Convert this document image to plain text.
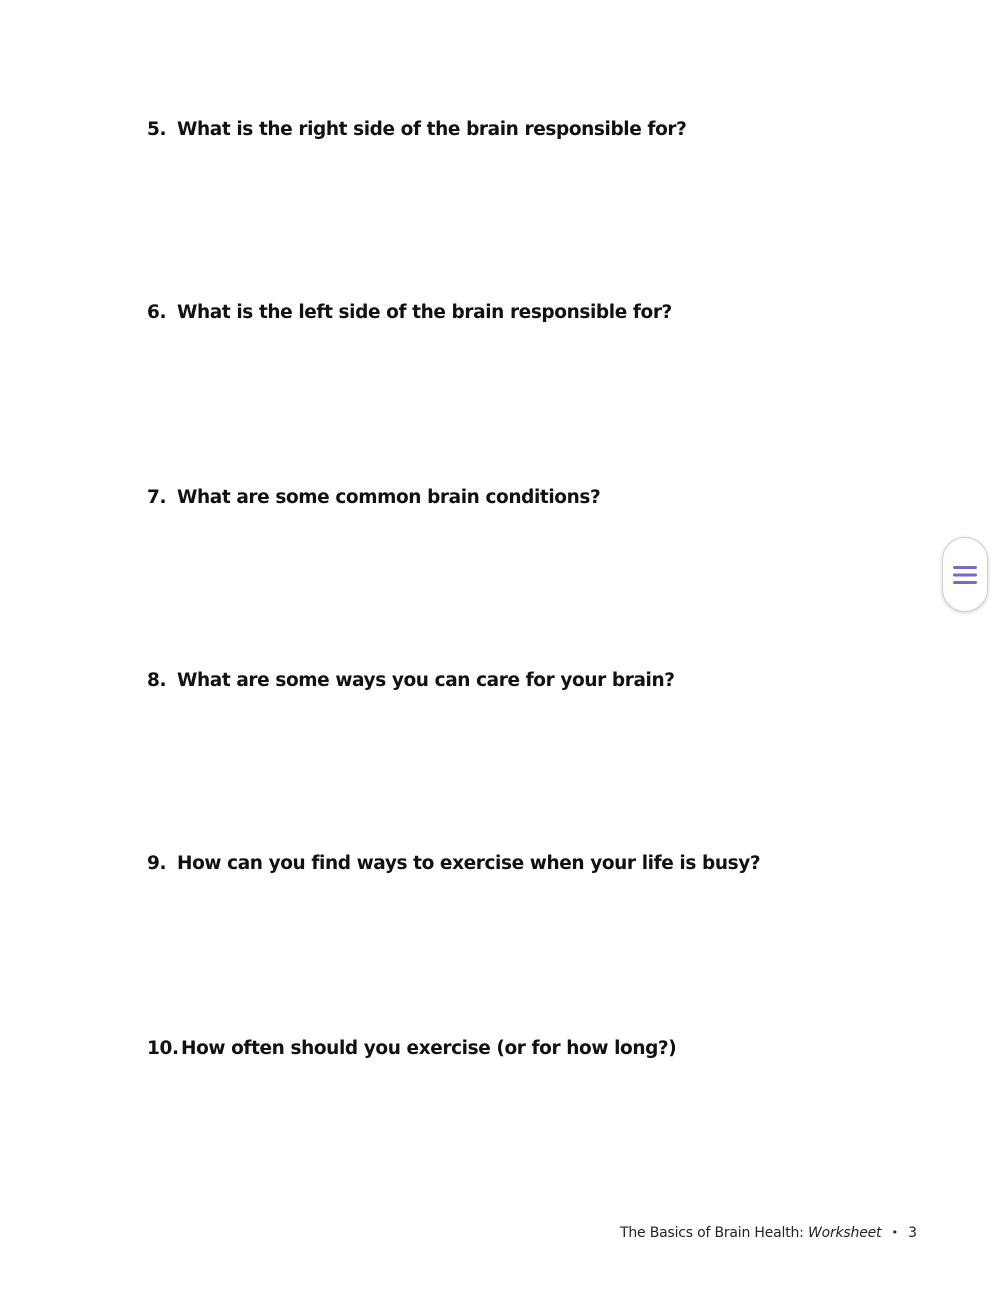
5. What is the right side of the brain responsible for?
6. What is the left side of the brain responsible for?
7. What are some common brain conditions?
8. What are some ways you can care for your brain?
9. How can you find ways to exercise when your life is busy?
10. How often should you exercise (or for how long?)
The Basics of Brain Health: Worksheet • 3
